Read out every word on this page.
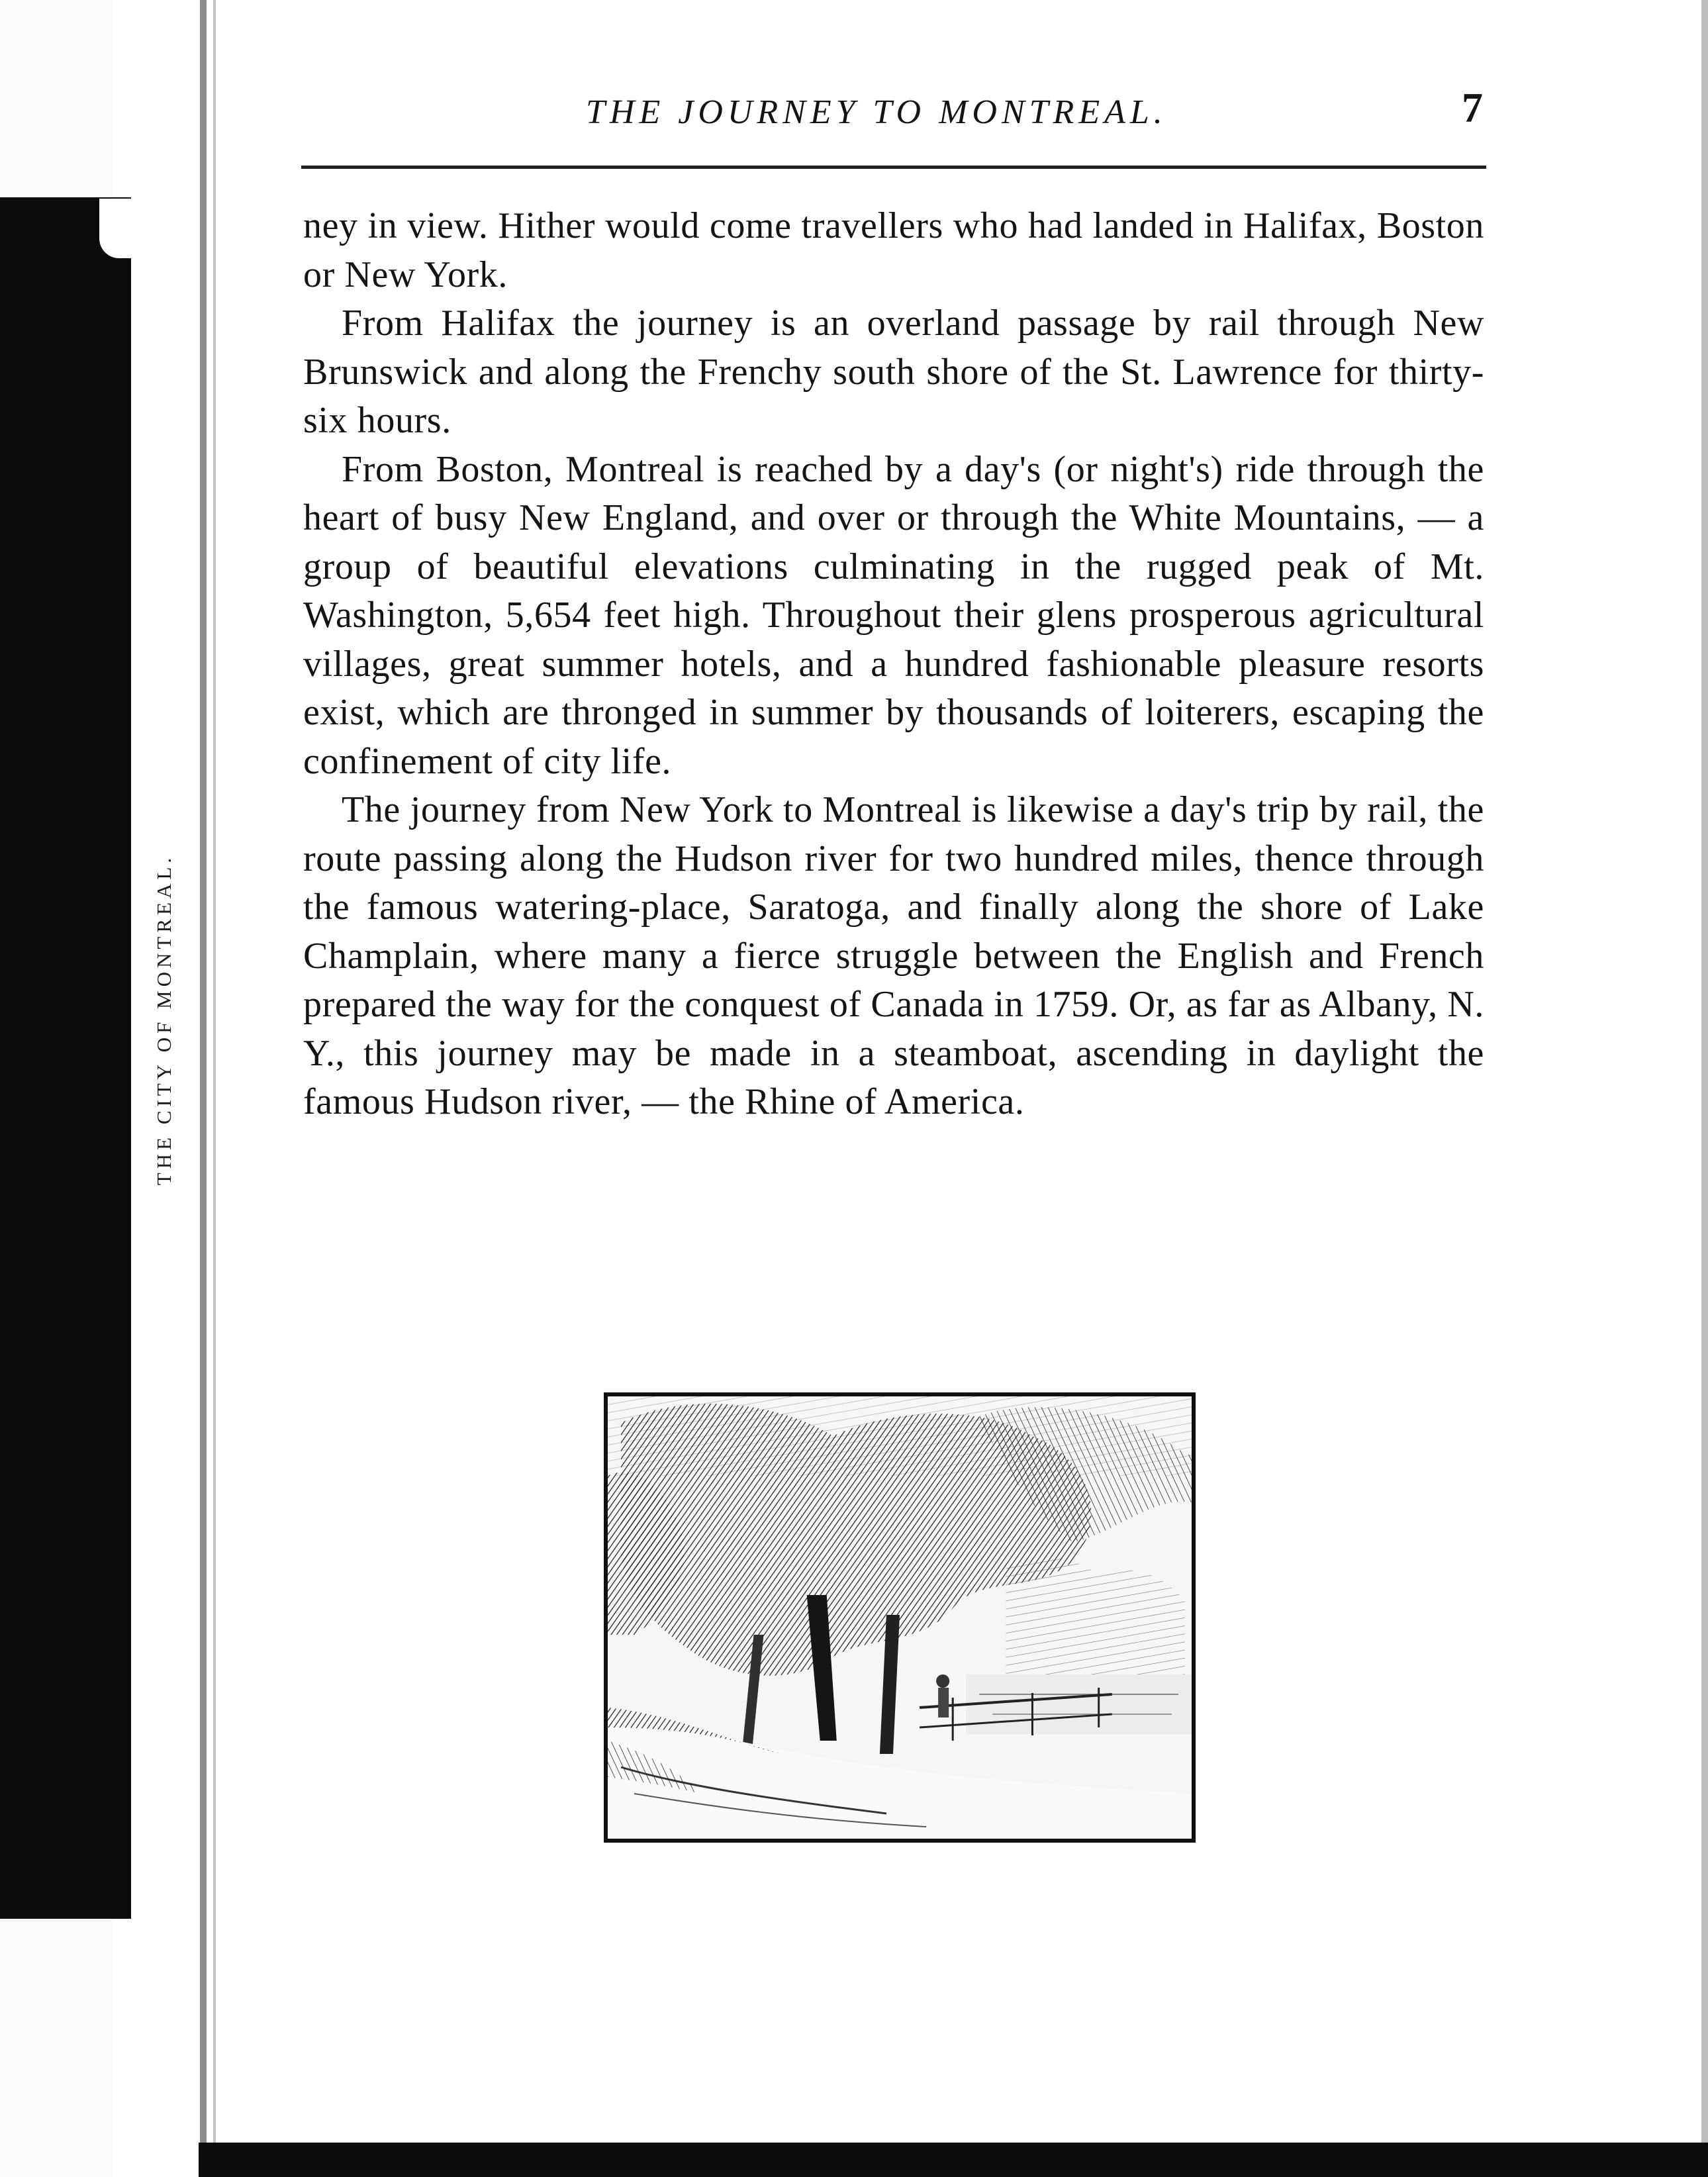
THE CITY OF MONTREAL.
THE JOURNEY TO MONTREAL.	7

ney in view. Hither would come travellers who had landed in Halifax, Boston or New York.

From Halifax the journey is an overland passage by rail through New Brunswick and along the Frenchy south shore of the St. Lawrence for thirty-six hours.

From Boston, Montreal is reached by a day's (or night's) ride through the heart of busy New England, and over or through the White Mountains, — a group of beautiful elevations culminating in the rugged peak of Mt. Washington, 5,654 feet high. Throughout their glens prosperous agricultural villages, great summer hotels, and a hundred fashionable pleasure resorts exist, which are thronged in summer by thousands of loiterers, escaping the confinement of city life.

The journey from New York to Montreal is likewise a day's trip by rail, the route passing along the Hudson river for two hundred miles, thence through the famous watering-place, Saratoga, and finally along the shore of Lake Champlain, where many a fierce struggle between the English and French prepared the way for the conquest of Canada in 1759. Or, as far as Albany, N. Y., this journey may be made in a steamboat, ascending in daylight the famous Hudson river, — the Rhine of America.
